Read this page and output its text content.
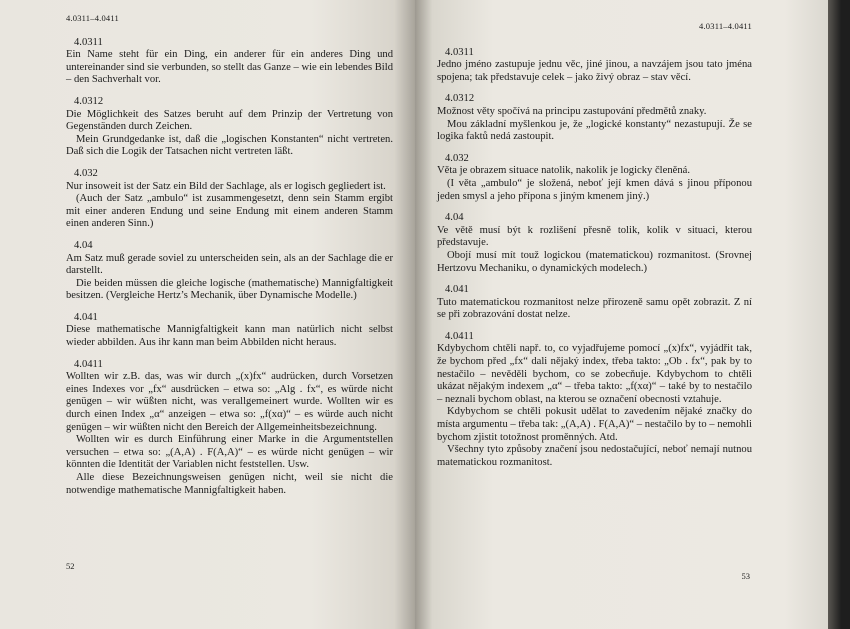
4.0311–4.0411
4.0311

Ein Name steht für ein Ding, ein anderer für ein anderes Ding und untereinander sind sie verbunden, so stellt das Ganze – wie ein lebendes Bild – den Sachverhalt vor.

4.0312

Die Möglichkeit des Satzes beruht auf dem Prinzip der Vertretung von Gegenständen durch Zeichen.

Mein Grundgedanke ist, daß die „logischen Konstanten“ nicht vertreten. Daß sich die Logik der Tatsachen nicht vertreten läßt.

4.032

Nur insoweit ist der Satz ein Bild der Sachlage, als er logisch gegliedert ist.

(Auch der Satz „ambulo“ ist zusammengesetzt, denn sein Stamm ergibt mit einer anderen Endung und seine Endung mit einem anderen Stamm einen anderen Sinn.)

4.04

Am Satz muß gerade soviel zu unterscheiden sein, als an der Sachlage die er darstellt.

Die beiden müssen die gleiche logische (mathematische) Mannigfaltigkeit besitzen. (Vergleiche Hertz’s Mechanik, über Dynamische Modelle.)

4.041

Diese mathematische Mannigfaltigkeit kann man natürlich nicht selbst wieder abbilden. Aus ihr kann man beim Abbilden nicht heraus.

4.0411

Wollten wir z.B. das, was wir durch „(x)fx“ audrücken, durch Vorsetzen eines Indexes vor „fx“ ausdrücken – etwa so: „Alg . fx“, es würde nicht genügen – wir wüßten nicht, was verallgemeinert wurde. Wollten wir es durch einen Index „α“ anzeigen – etwa so: „f(xα)“ – es würde auch nicht genügen – wir wüßten nicht den Bereich der Allgemeinheitsbezeichnung.

Wollten wir es durch Einführung einer Marke in die Argumentstellen versuchen – etwa so: „(A,A) . F(A,A)“ – es würde nicht genügen – wir könnten die Identität der Variablen nicht feststellen. Usw.

Alle diese Bezeichnungsweisen genügen nicht, weil sie nicht die notwendige mathematische Mannigfaltigkeit haben.

52
4.0311–4.0411
4.0311

Jedno jméno zastupuje jednu věc, jiné jinou, a navzájem jsou tato jména spojena; tak představuje celek – jako živý obraz – stav věcí.

4.0312

Možnost věty spočívá na principu zastupování předmětů znaky.

Mou základní myšlenkou je, že „logické konstanty“ nezastupují. Že se logika faktů nedá zastoupit.

4.032

Věta je obrazem situace natolik, nakolik je logicky členěná.

(I věta „ambulo“ je složená, neboť její kmen dává s jinou příponou jeden smysl a jeho přípona s jiným kmenem jiný.)

4.04

Ve větě musí být k rozlišení přesně tolik, kolik v situaci, kterou představuje.

Obojí musí mít touž logickou (matematickou) rozmanitost. (Srovnej Hertzovu Mechaniku, o dynamických modelech.)

4.041

Tuto matematickou rozmanitost nelze přirozeně samu opět zobrazit. Z ní se při zobrazování dostat nelze.

4.0411

Kdybychom chtěli např. to, co vyjadřujeme pomocí „(x)fx“, vyjádřit tak, že bychom před „fx“ dali nějaký index, třeba takto: „Ob . fx“, pak by to nestačilo – nevěděli bychom, co se zobecňuje. Kdybychom to chtěli ukázat nějakým indexem „α“ – třeba takto: „f(xα)“ – také by to nestačilo – neznali bychom oblast, na kterou se označení obecnosti vztahuje.

Kdybychom se chtěli pokusit udělat to zavedením nějaké značky do místa argumentu – třeba tak: „(A,A) . F(A,A)“ – nestačilo by to – nemohli bychom zjistit totožnost proměnných. Atd.

Všechny tyto způsoby značení jsou nedostačující, neboť nemají nutnou matematickou rozmanitost.

53
